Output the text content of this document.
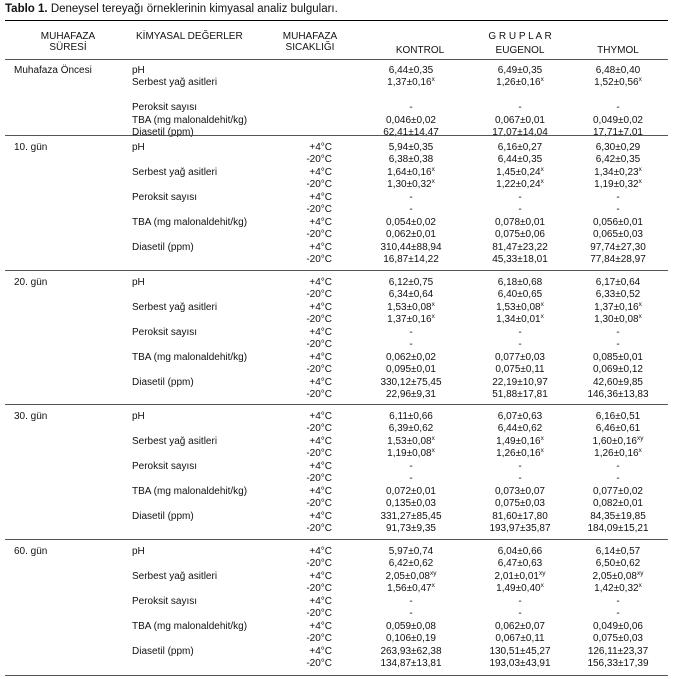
Tablo 1. Deneysel tereyağı örneklerinin kimyasal analiz bulguları.
MUHAFAZA
SÜRESİ
KİMYASAL DEĞERLER	MUHAFAZA
SICAKLIĞI
G R U P L A R
KONTROL	EUGENOL	THYMOL
Muhafaza Öncesi	pH	6,44±0,35	6,49±0,35	6,48±0,40
Serbest yağ asitleri	$1,37\pm 0,16^x$	$1,26\pm 0,16^x$	$1,52\pm 0,56^x$
Peroksit sayısı	-	-	-
TBA (mg malonaldehit/kg)	0,046±0,02	0,067±0,01	0,049±0,02
Diasetil (ppm)	62,41±14,47	17,07±14,04	17,71±7,01
10. gün	pH	+4°C	5,94±0,35	6,16±0,27	6,30±0,29
-20°C	6,38±0,38	6,44±0,35	6,42±0,35
Serbest yağ asitleri	+4°C	$1,64\pm 0,16^x$	$1,45\pm 0,24^x$	$1,34\pm 0,23^x$
-20°C	$1,30\pm 0,32^x$	$1,22\pm 0,24^x$	$1,19\pm 0,32^x$
Peroksit sayısı	+4°C	-	-	-
-20°C	-	-	-
TBA (mg malonaldehit/kg)	+4°C	0,054±0,02	0,078±0,01	0,056±0,01
-20°C	0,062±0,01	0,075±0,06	0,065±0,03
Diasetil (ppm)	+4°C	310,44±88,94	81,47±23,22	97,74±27,30
-20°C	16,87±14,22	45,33±18,01	77,84±28,97
20. gün	pH	+4°C	6,12±0,75	6,18±0,68	6,17±0,64
-20°C	6,34±0,64	6,40±0,65	6,33±0,52
Serbest yağ asitleri	+4°C	$1,53\pm 0,08^x$	$1,53\pm 0,08^x$	$1,37\pm 0,16^x$
-20°C	$1,37\pm 0,16^x$	$1,34\pm 0,01^x$	$1,30\pm 0,08^x$
Peroksit sayısı	+4°C	-	-	-
-20°C	-	-	-
TBA (mg malonaldehit/kg)	+4°C	0,062±0,02	0,077±0,03	0,085±0,01
-20°C	0,095±0,01	0,075±0,11	0,069±0,12
Diasetil (ppm)	+4°C	330,12±75,45	22,19±10,97	42,60±9,85
-20°C	22,96±9,31	51,88±17,81	146,36±13,83
30. gün	pH	+4°C	6,11±0,66	6,07±0,63	6,16±0,51
-20°C	6,39±0,62	6,44±0,62	6,46±0,61
Serbest yağ asitleri	+4°C	$1,53\pm 0,08^x$	$1,49\pm 0,16^x$	$1,60\pm 0,16^{xy}$
-20°C	$1,19\pm 0,08^x$	$1,26\pm 0,16^x$	$1,26\pm 0,16^x$
Peroksit sayısı	+4°C	-	-	-
-20°C	-	-	-
TBA (mg malonaldehit/kg)	+4°C	0,072±0,01	0,073±0,07	0,077±0,02
-20°C	0,135±0,03	0,075±0,03	0,082±0,01
Diasetil (ppm)	+4°C	331,27±85,45	81,60±17,80	84,35±19,85
-20°C	91,73±9,35	193,97±35,87	184,09±15,21
60. gün	pH	+4°C	5,97±0,74	6,04±0,66	6,14±0,57
-20°C	6,42±0,62	6,47±0,63	6,50±0,62
Serbest yağ asitleri	+4°C	$2,05\pm 0,08^{xy}$	$2,01\pm 0,01^{xy}$	$2,05\pm 0,08^{xy}$
-20°C	$1,56\pm 0,47^x$	$1,49\pm 0,40^x$	$1,42\pm 0,32^x$
Peroksit sayısı	+4°C	-	-	-
-20°C	-	-	-
TBA (mg malonaldehit/kg)	+4°C	0,059±0,08	0,062±0,07	0,049±0,06
-20°C	0,106±0,19	0,067±0,11	0,075±0,03
Diasetil (ppm)	+4°C	263,93±62,38	130,51±45,27	126,11±23,37
-20°C	134,87±13,81	193,03±43,91	156,33±17,39
